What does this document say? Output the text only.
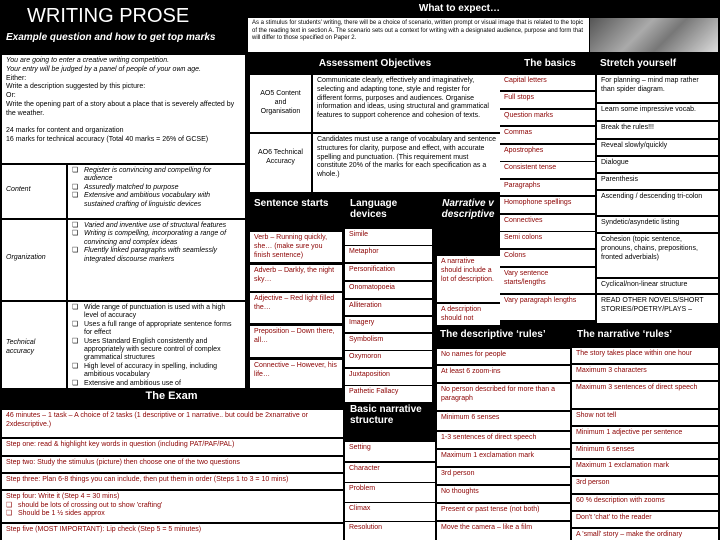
WRITING PROSE
Example question and how to get top marks
You are going to enter a creative writing competition.
Your entry will be judged by a panel of people of your own age.
Either:
Write a description suggested by this picture:
Or:
Write the opening part of a story about a place that is severely affected by the weather.

24 marks for content and organization
16 marks for technical accuracy (Total 40 marks = 26% of GCSE)
Content
❏ Register is convincing and compelling for audience
❏ Assuredly matched to purpose
❏ Extensive and ambitious vocabulary with sustained crafting of linguistic devices
Organization
❏ Varied and inventive use of structural features
❏ Writing is compelling, incorporating a range of convincing and complex ideas
❏ Fluently linked paragraphs with seamlessly integrated discourse markers
Technical accuracy
❏ Wide range of punctuation is used with a high level of accuracy
❏ Uses a full range of appropriate sentence forms for effect
❏ Uses Standard English consistently and appropriately with secure control of complex grammatical structures
❏ High level of accuracy in spelling, including ambitious vocabulary
❏ Extensive and ambitious use of
The Exam
46 minutes – 1 task – A choice of 2 tasks (1 descriptive or 1 narrative.. but could be 2xnarrative or 2xdescriptive.)
Step one: read & highlight key words in question (including PAT/PAF/PAL)
Step two: Study the stimulus (picture) then choose one of the two questions
Step three: Plan 6-8 things you can include, then put them in order (Steps 1 to 3 = 10 mins)
Step four: Write it (Step 4 = 30 mins)
❏ should be lots of crossing out to show 'crafting'
❏ Should be 1 ½ sides approx
Step five (MOST IMPORTANT): Lip check (Step 5 = 5 minutes)
What to expect…
As a stimulus for students' writing, there will be a choice of scenario, written prompt or visual image that is related to the topic of the reading text in section A. The scenario sets out a context for writing with a designated audience, purpose and form that will differ to those specified on Paper 2.
Assessment Objectives
AO5 Content and Organisation
Communicate clearly, effectively and imaginatively, selecting and adapting tone, style and register for different forms, purposes and audiences. Organise information and ideas, using structural and grammatical features to support coherence and cohesion of texts.
AO6 Technical Accuracy
Candidates must use a range of vocabulary and sentence structures for clarity, purpose and effect, with accurate spelling and punctuation. (This requirement must constitute 20% of the marks for each specification as a whole.)
Sentence starts Language devices
Basic narrative structure
Narrative v descriptive
The basics	Stretch yourself
The descriptive ‘rules’	The narrative ‘rules’
Verb – Running quickly, she… (make sure you finish sentence)
Adverb – Darkly, the night sky…
Adjective – Red light filled the…
Preposition – Down there, all…
Connective – However, his life…
Simile
Metaphor
Personification
Onomatopoeia
Alliteration
Imagery
Symbolism
Oxymoron
Juxtaposition
Pathetic Fallacy
Setting
Character
Problem
Climax
Resolution
A narrative should include a lot of description.
A description should not
Capital letters
Full stops
Question marks
Commas
Apostrophes
Consistent tense
Paragraphs
Homophone spellings
Connectives
Semi colons
Colons
Vary sentence starts/lengths
Vary paragraph lengths
For planning – mind map rather than spider diagram.
Learn some impressive vocab.
Break the rules!!!
Reveal slowly/quickly
Dialogue
Parenthesis
Ascending / descending tri-colon
Syndetic/asyndetic listing
Cohesion (topic sentence, pronouns, chains, prepositions, fronted adverbials)
Cyclical/non-linear structure
READ OTHER NOVELS/SHORT STORIES/POETRY/PLAYS –
No names for people
At least 6 zoom-ins
No person described for more than a paragraph
Minimum 6 senses
1-3 sentences of direct speech
Maximum 1 exclamation mark
3rd person
No thoughts
Present or past tense (not both)
Move the camera – like a film
The story takes place within one hour
Maximum 3 characters
Maximum 3 sentences of direct speech
Show not tell
Minimum 1 adjective per sentence
Minimum 6 senses
Maximum 1 exclamation mark
3rd person
60 % description with zooms
Don't 'chat' to the reader
A 'small' story – make the ordinary
